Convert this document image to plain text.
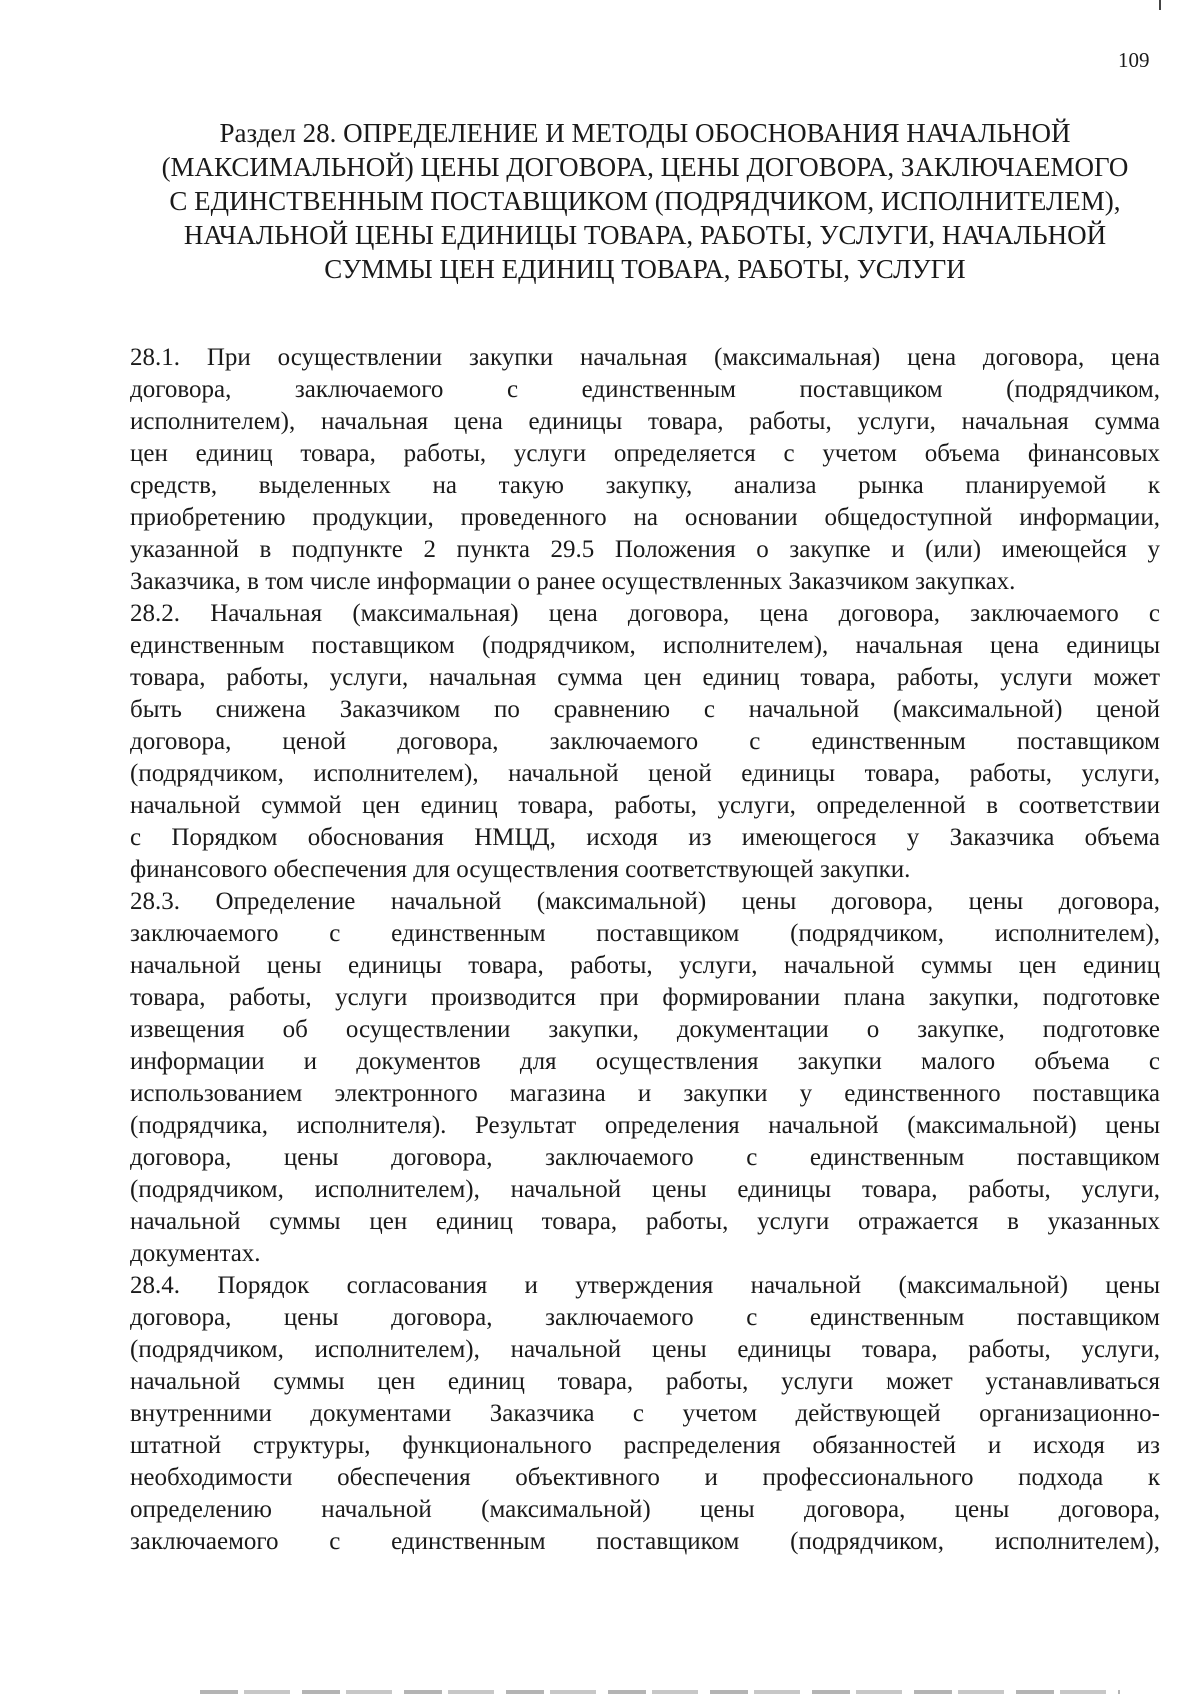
109
Раздел 28. ОПРЕДЕЛЕНИЕ И МЕТОДЫ ОБОСНОВАНИЯ НАЧАЛЬНОЙ
(МАКСИМАЛЬНОЙ) ЦЕНЫ ДОГОВОРА, ЦЕНЫ ДОГОВОРА, ЗАКЛЮЧАЕМОГО
С ЕДИНСТВЕННЫМ ПОСТАВЩИКОМ (ПОДРЯДЧИКОМ, ИСПОЛНИТЕЛЕМ),
НАЧАЛЬНОЙ ЦЕНЫ ЕДИНИЦЫ ТОВАРА, РАБОТЫ, УСЛУГИ, НАЧАЛЬНОЙ
СУММЫ ЦЕН ЕДИНИЦ ТОВАРА, РАБОТЫ, УСЛУГИ
28.1. При осуществлении закупки начальная (максимальная) цена договора, цена
договора, заключаемого с единственным поставщиком (подрядчиком,
исполнителем), начальная цена единицы товара, работы, услуги, начальная сумма
цен единиц товара, работы, услуги определяется с учетом объема финансовых
средств, выделенных на такую закупку, анализа рынка планируемой к
приобретению продукции, проведенного на основании общедоступной информации,
указанной в подпункте 2 пункта 29.5 Положения о закупке и (или) имеющейся у
Заказчика, в том числе информации о ранее осуществленных Заказчиком закупках.
28.2. Начальная (максимальная) цена договора, цена договора, заключаемого с
единственным поставщиком (подрядчиком, исполнителем), начальная цена единицы
товара, работы, услуги, начальная сумма цен единиц товара, работы, услуги может
быть снижена Заказчиком по сравнению с начальной (максимальной) ценой
договора, ценой договора, заключаемого с единственным поставщиком
(подрядчиком, исполнителем), начальной ценой единицы товара, работы, услуги,
начальной суммой цен единиц товара, работы, услуги, определенной в соответствии
с Порядком обоснования НМЦД, исходя из имеющегося у Заказчика объема
финансового обеспечения для осуществления соответствующей закупки.
28.3. Определение начальной (максимальной) цены договора, цены договора,
заключаемого с единственным поставщиком (подрядчиком, исполнителем),
начальной цены единицы товара, работы, услуги, начальной суммы цен единиц
товара, работы, услуги производится при формировании плана закупки, подготовке
извещения об осуществлении закупки, документации о закупке, подготовке
информации и документов для осуществления закупки малого объема с
использованием электронного магазина и закупки у единственного поставщика
(подрядчика, исполнителя). Результат определения начальной (максимальной) цены
договора, цены договора, заключаемого с единственным поставщиком
(подрядчиком, исполнителем), начальной цены единицы товара, работы, услуги,
начальной суммы цен единиц товара, работы, услуги отражается в указанных
документах.
28.4. Порядок согласования и утверждения начальной (максимальной) цены
договора, цены договора, заключаемого с единственным поставщиком
(подрядчиком, исполнителем), начальной цены единицы товара, работы, услуги,
начальной суммы цен единиц товара, работы, услуги может устанавливаться
внутренними документами Заказчика с учетом действующей организационно-
штатной структуры, функционального распределения обязанностей и исходя из
необходимости обеспечения объективного и профессионального подхода к
определению начальной (максимальной) цены договора, цены договора,
заключаемого с единственным поставщиком (подрядчиком, исполнителем),
